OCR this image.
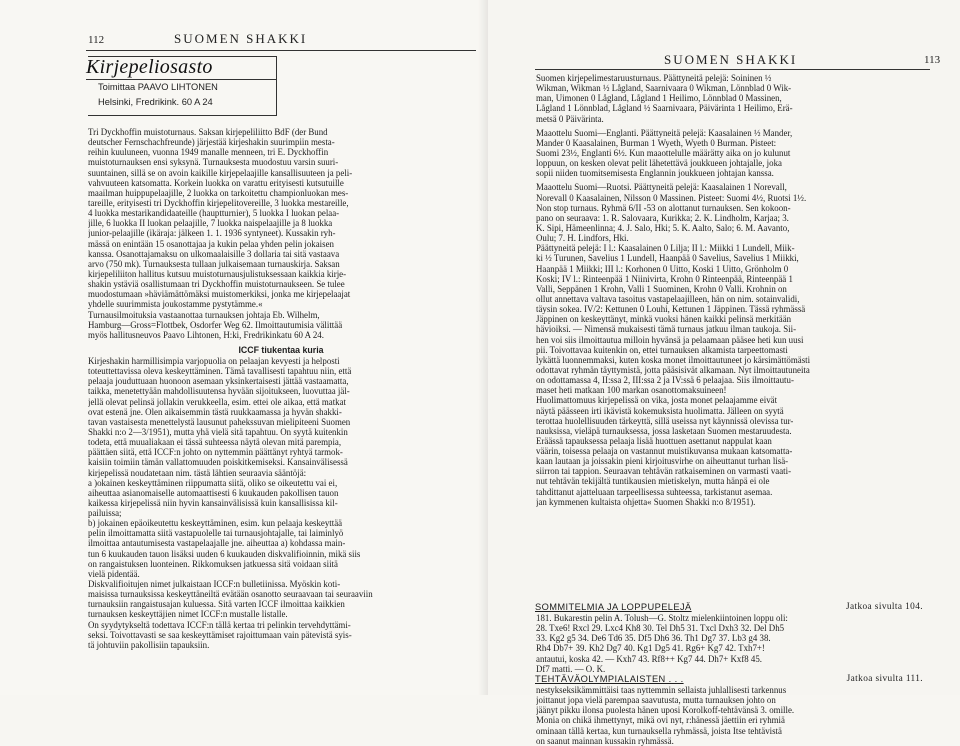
112	SUOMEN SHAKKI
Kirjepeliosasto
Toimittaa PAAVO LIHTONEN
Helsinki, Fredrikink. 60 A 24
Tri Dyckhoffin muistoturnaus. Saksan kirjepeliliitto BdF (der Bund
deutscher Fernschachfreunde) järjestää kirjeshakin suurimpiin mesta-
reihin kuuluneen, vuonna 1949 manalle menneen, tri E. Dyckhoffin
muistoturnauksen ensi syksynä. Turnauksesta muodostuu varsin suuri-
suuntainen, sillä se on avoin kaikille kirjepelaajille kansallisuuteen ja peli-
vahvuuteen katsomatta. Korkein luokka on varattu erityisesti kutsutuille
maailman huippupelaajille, 2 luokka on tarkoitettu championluokan mes-
tareille, erityisesti tri Dyckhoffin kirjepelitovereille, 3 luokka mestareille,
4 luokka mestarikandidaateille (hauptturnier), 5 luokka I luokan pelaa-
jille, 6 luokka II luokan pelaajille, 7 luokka naispelaajille ja 8 luokka
junior-pelaajille (ikäraja: jälkeen 1. 1. 1936 syntyneet). Kussakin ryh-
mässä on enintään 15 osanottajaa ja kukin pelaa yhden pelin jokaisen
kanssa. Osanottajamaksu on ulkomaalaisille 3 dollaria tai sitä vastaava
arvo (750 mk). Turnauksesta tullaan julkaisemaan turnauskirja. Saksan
kirjepeliliiton hallitus kutsuu muistoturnausjulistuksessaan kaikkia kirje-
shakin ystäviä osallistumaan tri Dyckhoffin muistoturnaukseen. Se tulee
muodostumaan »häviämättömäksi muistomerkiksi, jonka me kirjepelaajat
yhdelle suurimmista joukostamme pystytämme.«
Turnausilmoituksia vastaanottaa turnauksen johtaja Eb. Wilhelm,
Hamburg—Gross=Flottbek, Osdorfer Weg 62. Ilmoittautumisia välittää
myös hallitusneuvos Paavo Lihtonen, H:ki, Fredrikinkatu 60 A 24.
ICCF tiukentaa kuria
Kirjeshakin harmillisimpia varjopuolia on pelaajan kevyesti ja helposti
toteuttettavissa oleva keskeyttäminen. Tämä tavallisesti tapahtuu niin, että
pelaaja jouduttuaan huonoon asemaan yksinkertaisesti jättää vastaamatta,
taikka, menetettyään mahdollisuutensa hyvään sijoitukseen, luovuttaa jäl-
jellä olevat pelinsä jollakin verukkeella, esim. ettei ole aikaa, että matkat
ovat estenä jne. Olen aikaisemmin tästä ruukkaamassa ja hyvän shakki-
tavan vastaisesta menettelystä lausunut pahekssuvan mielipiteeni Suomen
Shakki n:o 2—3/1951), mutta yhä vielä sitä tapahtuu. On syytä kuitenkin
todeta, että muualiakaan ei tässä suhteessa näytä olevan mitä parempia,
päättäen siitä, että ICCF:n johto on nyttemmin päättänyt ryhtyä tarmok-
kaisiin toimiin tämän vallattomuuden poiskitkemiseksi. Kansainvälisessä
kirjepelissä noudatetaan nim. tästä lähtien seuraavia sääntöjä:
a )okainen keskeyttäminen riippumatta siitä, oliko se oikeutettu vai ei,
aiheuttaa asianomaiselle automaattisesti 6 kuukauden pakollisen tauon
kaikessa kirjepelissä niin hyvin kansainvälisissä kuin kansallisissa kil-
pailuissa;
b) jokainen epäoikeutettu keskeyttäminen, esim. kun pelaaja keskeyttää
pelin ilmoittamatta siitä vastapuolelle tai turnausjohtajalle, tai laiminlyö
ilmoittaa antautumisesta vastapelaajalle jne. aiheuttaa a) kohdassa main-
tun 6 kuukauden tauon lisäksi uuden 6 kuukauden diskvalifioinnin, mikä siis
on rangaistuksen luonteinen. Rikkomuksen jatkuessa sitä voidaan siitä
vielä pidentää.
Diskvalifioitujen nimet julkaistaan ICCF:n bulletiinissa. Myöskin koti-
maisissa turnauksissa keskeyttäneiltä evätään osanotto seuraavaan tai seuraaviin
turnauksiin rangaistusajan kuluessa. Sitä varten ICCF ilmoittaa kaikkien
turnauksen keskeyttäjien nimet ICCF:n mustalle listalle.
On syydytykseltä todettava ICCF:n tällä kertaa tri pelinkin tervehdyttämi-
seksi. Toivottavasti se saa keskeyttämiset rajoittumaan vain pätevistä syis-
tä johtuviin pakollisiin tapauksiin.
SUOMEN SHAKKI	113
Suomen kirjepelimestaruusturnaus. Päättyneitä pelejä: Soininen ½
Wikman, Wikman ½ Lågland, Saarnivaara 0 Wikman, Lönnblad 0 Wik-
man, Uimonen 0 Lågland, Lågland 1 Heilimo, Lönnblad 0 Massinen,
Lågland 1 Lönnblad, Lågland ½ Saarnivaara, Päivärinta 1 Heilimo, Erä-
metsä 0 Päivärinta.
Maaottelu Suomi—Englanti. Päättyneitä pelejä: Kaasalainen ½ Mander,
Mander 0 Kaasalainen, Burman 1 Wyeth, Wyeth 0 Burman. Pisteet:
Suomi 23½, Englanti 6½. Kun maaottelulle määrätty aika on jo kulunut
loppuun, on kesken olevat pelit lähetettävä joukkueen johtajalle, joka
sopii niiden tuomitsemisesta Englannin joukkueen johtajan kanssa.
Maaottelu Suomi—Ruotsi. Päättyneitä pelejä: Kaasalainen 1 Norevall,
Norevall 0 Kaasalainen, Nilsson 0 Massinen. Pisteet: Suomi 4½, Ruotsi 1½.
Non stop turnaus. Ryhmä 6/II -53 on alottanut turnauksen. Sen kokoon-
pano on seuraava: 1. R. Salovaara, Kurikka; 2. K. Lindholm, Karjaa; 3.
K. Sipi, Hämeenlinna; 4. J. Salo, Hki; 5. K. Aalto, Salo; 6. M. Aavanto,
Oulu; 7. H. Lindfors, Hki.
Päättyneitä pelejä: I l.: Kaasalainen 0 Lilja; II l.: Miikki 1 Lundell, Miik-
ki ½ Turunen, Savelius 1 Lundell, Haanpää 0 Savelius, Savelius 1 Miikki,
Haanpää 1 Miikki; III l.: Korhonen 0 Uitto, Koski 1 Uitto, Grönholm 0
Koski; IV l.: Rinteenpää 1 Niinivirta, Krohn 0 Rinteenpää, Rinteenpää 1
Valli, Seppänen 1 Krohn, Valli 1 Suominen, Krohn 0 Valli. Krohnin on
ollut annettava valtava tasoitus vastapelaajilleen, hän on nim. sotainvalidi,
täysin sokea. IV/2: Kettunen 0 Louhi, Kettunen 1 Jäppinen. Tässä ryhmässä
Jäppinen on keskeyttänyt, minkä vuoksi hänen kaikki pelinsä merkitään
hävioiksi. — Nimensä mukaisesti tämä turnaus jatkuu ilman taukoja. Sii-
hen voi siis ilmoittautua milloin hyvänsä ja pelaamaan pääsee heti kun uusi
pii. Toivottavaa kuitenkin on, ettei turnauksen alkamista tarpeettomasti
lykättä luonnemmaksi, kuten koska monet ilmoittautuneet jo kärsimättömästi
odottavat ryhmän täyttymistä, jotta pääsisivät alkamaan. Nyt ilmoittautuneita
on odottamassa 4, II:ssa 2, III:ssa 2 ja IV:ssä 6 pelaajaa. Siis ilmoittautu-
maset heti matkaan 100 markan osanottomaksuineen!
Huolimattomuus kirjepelissä on vika, josta monet pelaajamme eivät
näytä päässeen irti ikävistä kokemuksista huolimatta. Jälleen on syytä
terottaa huolellisuuden tärkeyttä, sillä useissa nyt käynnissä olevissa tur-
nauksissa, vieläpä turnauksessa, jossa lasketaan Suomen mestaruudesta.
Eräässä tapauksessa pelaaja lisää huottuen asettanut nappulat kaan
väärin, toisessa pelaaja on vastannut muistikuvansa mukaan katsomatta-
kaan lautaan ja joissakin pieni kirjoitusvirhe on aiheuttanut turhan lisä-
siirron tai tappion. Seuraavan tehtävän ratkaiseminen on varmasti vaati-
nut tehtävän tekijältä tuntikausien mietiskelyn, mutta hänpä ei ole
tahdittanut ajatteluaan tarpeellisessa suhteessa, tarkistanut asemaa.
jan kymmenen kultaista ohjetta« Suomen Shakki n:o 8/1951).
SOMMITELMIA JA LOPPUPELEJÄ	Jatkoa sivulta 104.
181. Bukarestin pelin A. Tolush—G. Stoltz mielenkiintoinen loppu oli:
28. Txe6! Rxcl 29. Lxc4 Kh8 30. Tel Dh5 31. Txcl Dxh3 32. Del Dh5
33. Kg2 g5 34. De6 Td6 35. Df5 Dh6 36. Th1 Dg7 37. Lb3 g4 38.
Rh4 Db7+ 39. Kh2 Dg7 40. Kg1 Dg5 41. Rg6+ Kg7 42. Txh7+!
antautui, koska 42. — Kxh7 43. Rf8++ Kg7 44. Dh7+ Kxf8 45.
Df7 matti. — O. K.
TEHTÄVÄOLYMPIALAISTEN . . .	Jatkoa sivulta 111.
nestykseksikämmittäisi taas nyttemmin sellaista juhlallisesti tarkennus
joittanut jopa vielä parempaa saavutusta, mutta turnauksen johto on
jäänyt pikku ilonsa puolesta hänen uposi Korolkoff-tehtävänsä 3. omille.
Monia on chikä ihmettynyt, mikä ovi nyt, r:hänessä jäettiin eri ryhmiä
ominaan tällä kertaa, kun turnauksella ryhmässä, joista Itse tehtävistä
on saanut mainnan kussakin ryhmässä.
